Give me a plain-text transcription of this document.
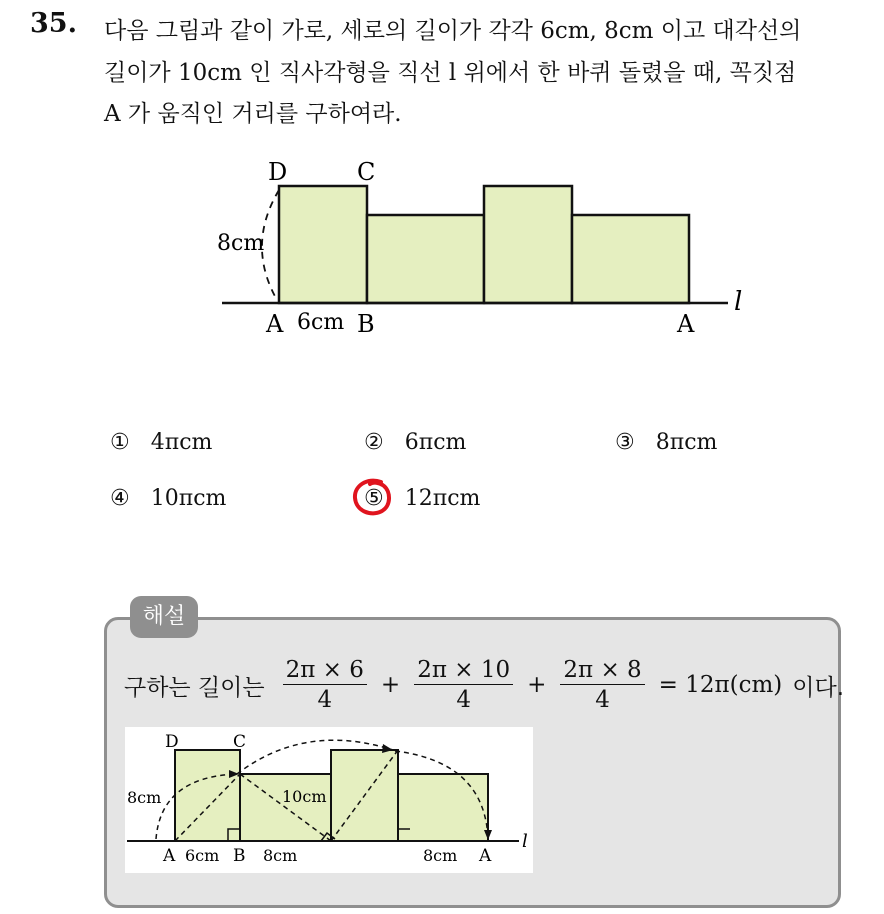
35. 다음 그림과 같이 가로, 세로의 길이가 각각 6cm, 8cm 이고 대각선의
길이가 10cm 인 직사각형을 직선 l 위에서 한 바퀴 돌렸을 때, 꼭짓점
A 가 움직인 거리를 구하여라.
D	C
8cm
A 6cm B	A
l
① 4πcm	② 6πcm	③ 8πcm
④ 10πcm	⑤ 12πcm
해설
구하는 길이는 $\frac{2\pi \times 6}{4} + \frac{2\pi \times 10}{4} + \frac{2\pi \times 8}{4} = 12\pi(cm)$ 이다.
D	C
8cm	10cm
A 6cm B 8cm	8cm A
l
